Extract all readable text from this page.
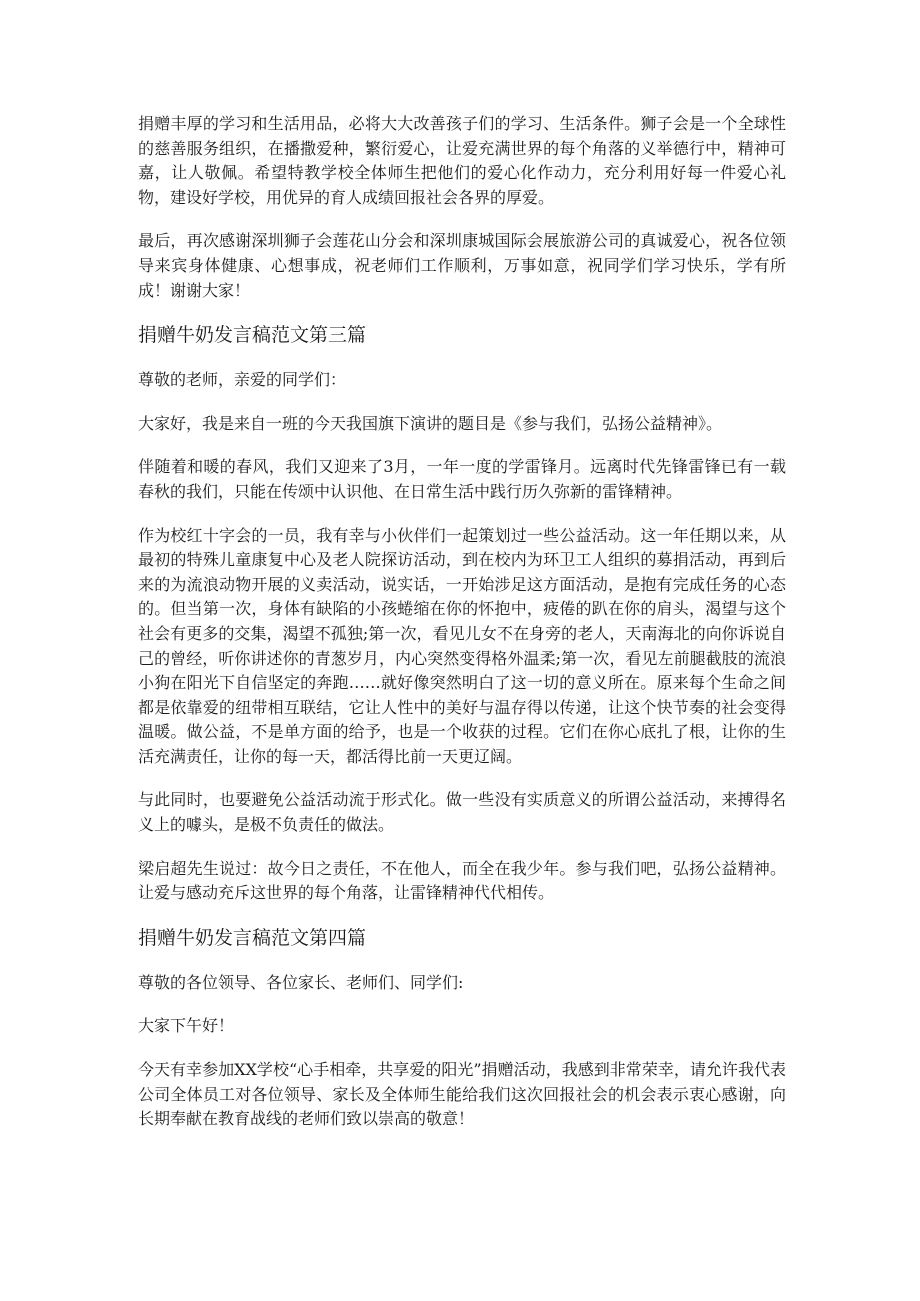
捐赠丰厚的学习和生活用品，必将大大改善孩子们的学习、生活条件。狮子会是一个全球性的慈善服务组织，在播撒爱种，繁衍爱心，让爱充满世界的每个角落的义举德行中，精神可嘉，让人敬佩。希望特教学校全体师生把他们的爱心化作动力，充分利用好每一件爱心礼物，建设好学校，用优异的育人成绩回报社会各界的厚爱。

最后，再次感谢深圳狮子会莲花山分会和深圳康城国际会展旅游公司的真诚爱心，祝各位领导来宾身体健康、心想事成，祝老师们工作顺利，万事如意，祝同学们学习快乐，学有所成！谢谢大家！

捐赠牛奶发言稿范文第三篇

尊敬的老师，亲爱的同学们：

大家好，我是来自一班的今天我国旗下演讲的题目是《参与我们，弘扬公益精神》。

伴随着和暖的春风，我们又迎来了3月，一年一度的学雷锋月。远离时代先锋雷锋已有一载春秋的我们，只能在传颂中认识他、在日常生活中践行历久弥新的雷锋精神。

作为校红十字会的一员，我有幸与小伙伴们一起策划过一些公益活动。这一年任期以来，从最初的特殊儿童康复中心及老人院探访活动，到在校内为环卫工人组织的募捐活动，再到后来的为流浪动物开展的义卖活动，说实话，一开始涉足这方面活动，是抱有完成任务的心态的。但当第一次，身体有缺陷的小孩蜷缩在你的怀抱中，疲倦的趴在你的肩头，渴望与这个社会有更多的交集，渴望不孤独;第一次，看见儿女不在身旁的老人，天南海北的向你诉说自己的曾经，听你讲述你的青葱岁月，内心突然变得格外温柔;第一次，看见左前腿截肢的流浪小狗在阳光下自信坚定的奔跑……就好像突然明白了这一切的意义所在。原来每个生命之间都是依靠爱的纽带相互联结，它让人性中的美好与温存得以传递，让这个快节奏的社会变得温暖。做公益，不是单方面的给予，也是一个收获的过程。它们在你心底扎了根，让你的生活充满责任，让你的每一天，都活得比前一天更辽阔。

与此同时，也要避免公益活动流于形式化。做一些没有实质意义的所谓公益活动，来搏得名义上的噱头，是极不负责任的做法。

梁启超先生说过：故今日之责任，不在他人，而全在我少年。参与我们吧，弘扬公益精神。让爱与感动充斥这世界的每个角落，让雷锋精神代代相传。

捐赠牛奶发言稿范文第四篇

尊敬的各位领导、各位家长、老师们、同学们:

大家下午好！

今天有幸参加XX学校“心手相牵，共享爱的阳光”捐赠活动，我感到非常荣幸，请允许我代表公司全体员工对各位领导、家长及全体师生能给我们这次回报社会的机会表示衷心感谢，向长期奉献在教育战线的老师们致以崇高的敬意！
